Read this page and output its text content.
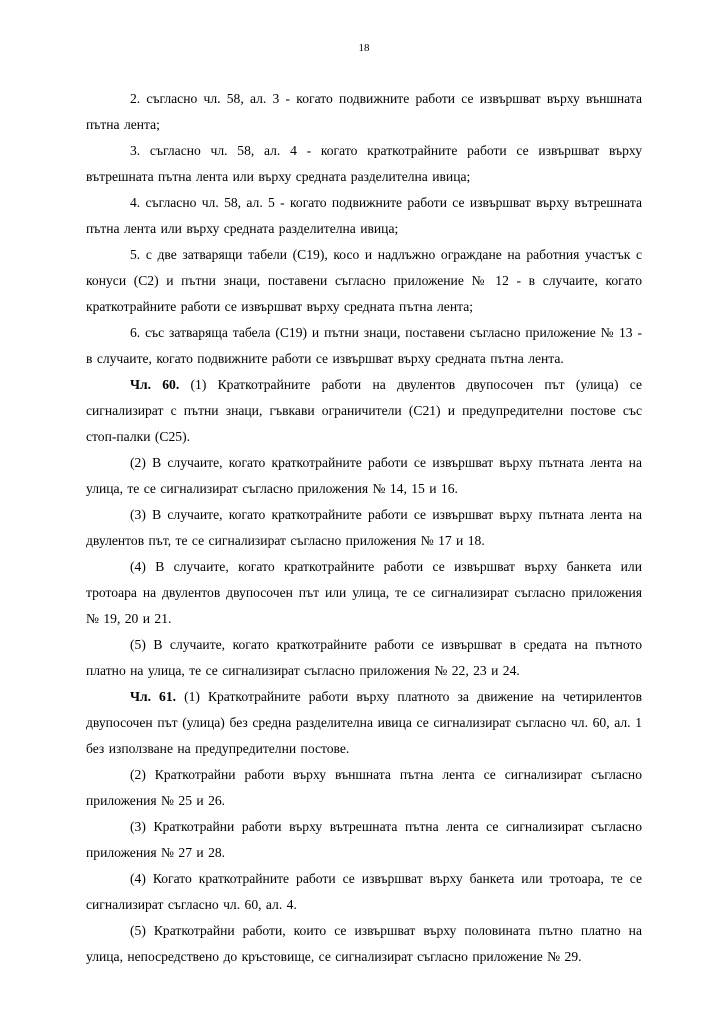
18

2. съгласно чл. 58, ал. 3 - когато подвижните работи се извършват върху външната пътна лента;

3. съгласно чл. 58, ал. 4 - когато краткотрайните работи се извършват върху вътрешната пътна лента или върху средната разделителна ивица;

4. съгласно чл. 58, ал. 5 - когато подвижните работи се извършват върху вътрешната пътна лента или върху средната разделителна ивица;

5. с две затварящи табели (С19), косо и надлъжно ограждане на работния участък с конуси (С2) и пътни знаци, поставени съгласно приложение № 12 - в случаите, когато краткотрайните работи се извършват върху средната пътна лента;

6. със затваряща табела (С19) и пътни знаци, поставени съгласно приложение № 13 - в случаите, когато подвижните работи се извършват върху средната пътна лента.

Чл. 60. (1) Краткотрайните работи на двулентов двупосочен път (улица) се сигнализират с пътни знаци, гъвкави ограничители (С21) и предупредителни постове със стоп-палки (С25).

(2) В случаите, когато краткотрайните работи се извършват върху пътната лента на улица, те се сигнализират съгласно приложения № 14, 15 и 16.

(3) В случаите, когато краткотрайните работи се извършват върху пътната лента на двулентов път, те се сигнализират съгласно приложения № 17 и 18.

(4) В случаите, когато краткотрайните работи се извършват върху банкета или тротоара на двулентов двупосочен път или улица, те се сигнализират съгласно приложения № 19, 20 и 21.

(5) В случаите, когато краткотрайните работи се извършват в средата на пътното платно на улица, те се сигнализират съгласно приложения № 22, 23 и 24.

Чл. 61. (1) Краткотрайните работи върху платното за движение на четирилентов двупосочен път (улица) без средна разделителна ивица се сигнализират съгласно чл. 60, ал. 1 без използване на предупредителни постове.

(2) Краткотрайни работи върху външната пътна лента се сигнализират съгласно приложения № 25 и 26.

(3) Краткотрайни работи върху вътрешната пътна лента се сигнализират съгласно приложения № 27 и 28.

(4) Когато краткотрайните работи се извършват върху банкета или тротоара, те се сигнализират съгласно чл. 60, ал. 4.

(5) Краткотрайни работи, които се извършват върху половината пътно платно на улица, непосредствено до кръстовище, се сигнализират съгласно приложение № 29.
